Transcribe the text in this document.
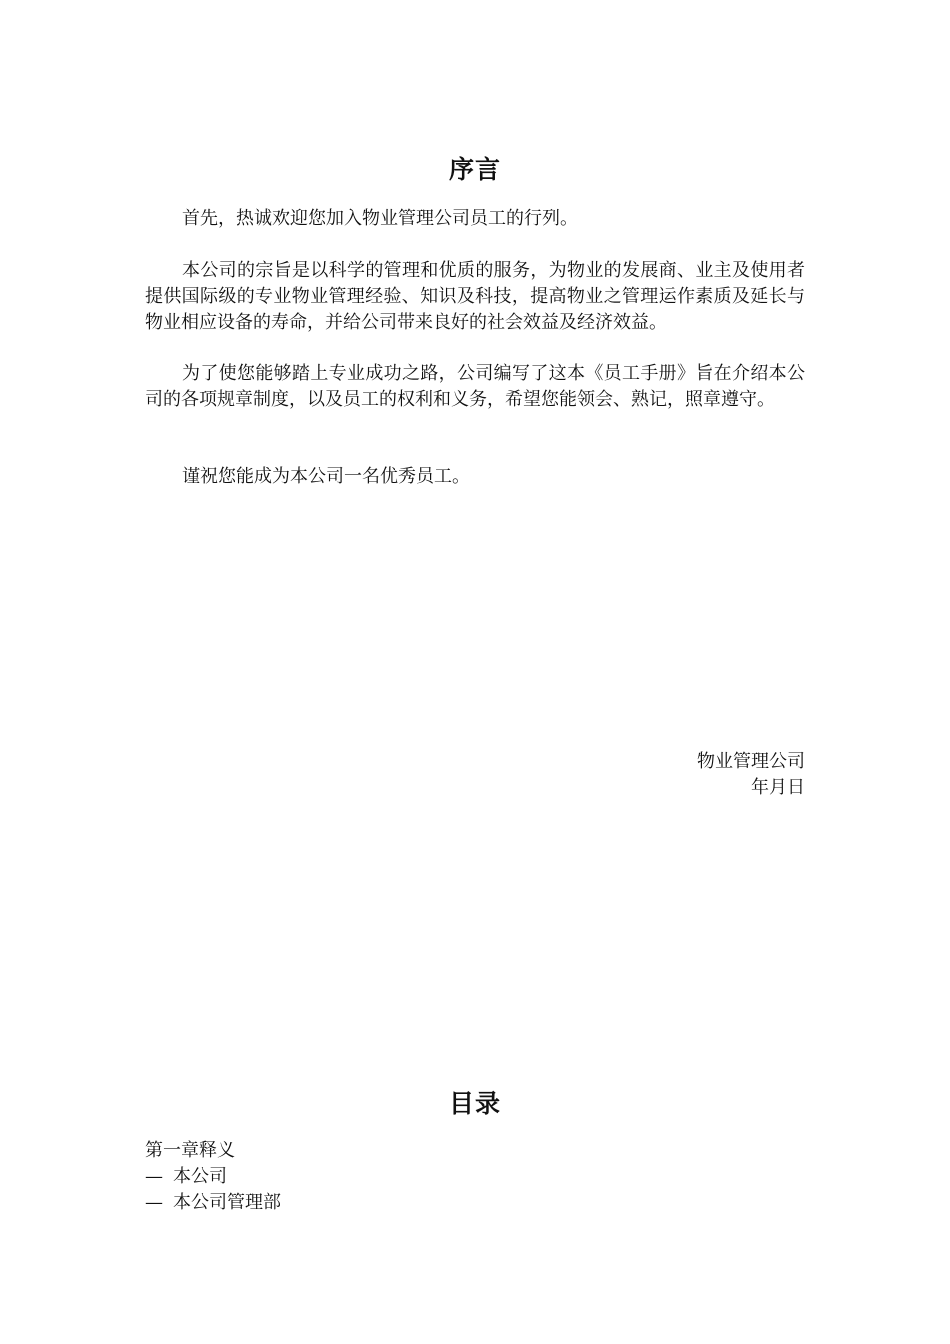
序言

首先，热诚欢迎您加入物业管理公司员工的行列。

本公司的宗旨是以科学的管理和优质的服务，为物业的发展商、业主及使用者提供国际级的专业物业管理经验、知识及科技，提高物业之管理运作素质及延长与物业相应设备的寿命，并给公司带来良好的社会效益及经济效益。

为了使您能够踏上专业成功之路，公司编写了这本《员工手册》旨在介绍本公司的各项规章制度，以及员工的权利和义务，希望您能领会、熟记，照章遵守。

谨祝您能成为本公司一名优秀员工。

物业管理公司
年月日
目录
第一章释义
— 本公司
— 本公司管理部
